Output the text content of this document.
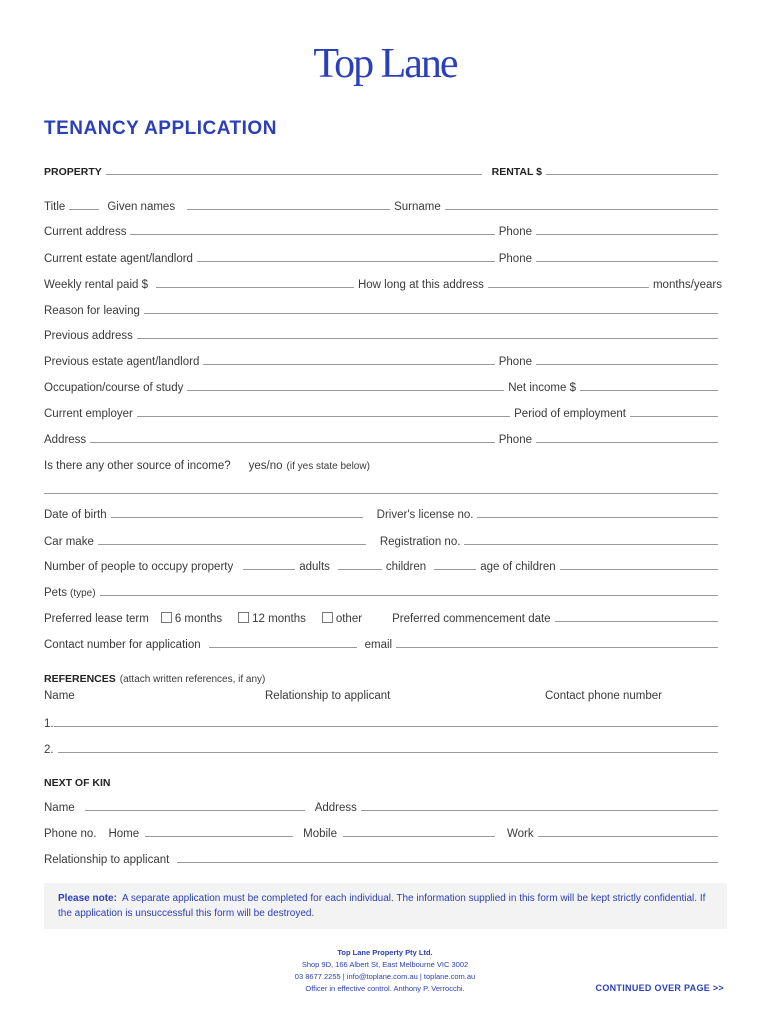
Top Lane
TENANCY APPLICATION
PROPERTY	RENTAL $
Title	Given names	Surname
Current address	Phone
Current estate agent/landlord	Phone
Weekly rental paid $	How long at this address	months/years
Reason for leaving
Previous address
Previous estate agent/landlord	Phone
Occupation/course of study	Net income $
Current employer	Period of employment
Address	Phone
Is there any other source of income? yes/no (if yes state below)
Date of birth	Driver's license no.
Car make	Registration no.
Number of people to occupy property	adults	children	age of children
Pets (type)
Preferred lease term 6 months	12 months	other	Preferred commencement date
Contact number for application	email
REFERENCES (attach written references, if any)
Name	Relationship to applicant	Contact phone number
1.
2.
NEXT OF KIN
Name	Address
Phone no. Home	Mobile	Work
Relationship to applicant
Please note: A separate application must be completed for each individual. The information supplied in this form will be kept strictly confidential. If the application is unsuccessful this form will be destroyed.
Top Lane Property Pty Ltd.
Shop 9D, 166 Albert St, East Melbourne VIC 3002
03 8677 2255 | info@toplane.com.au | toplane.com.au
Officer in effective control. Anthony P. Verrocchi.	CONTINUED OVER PAGE >>
